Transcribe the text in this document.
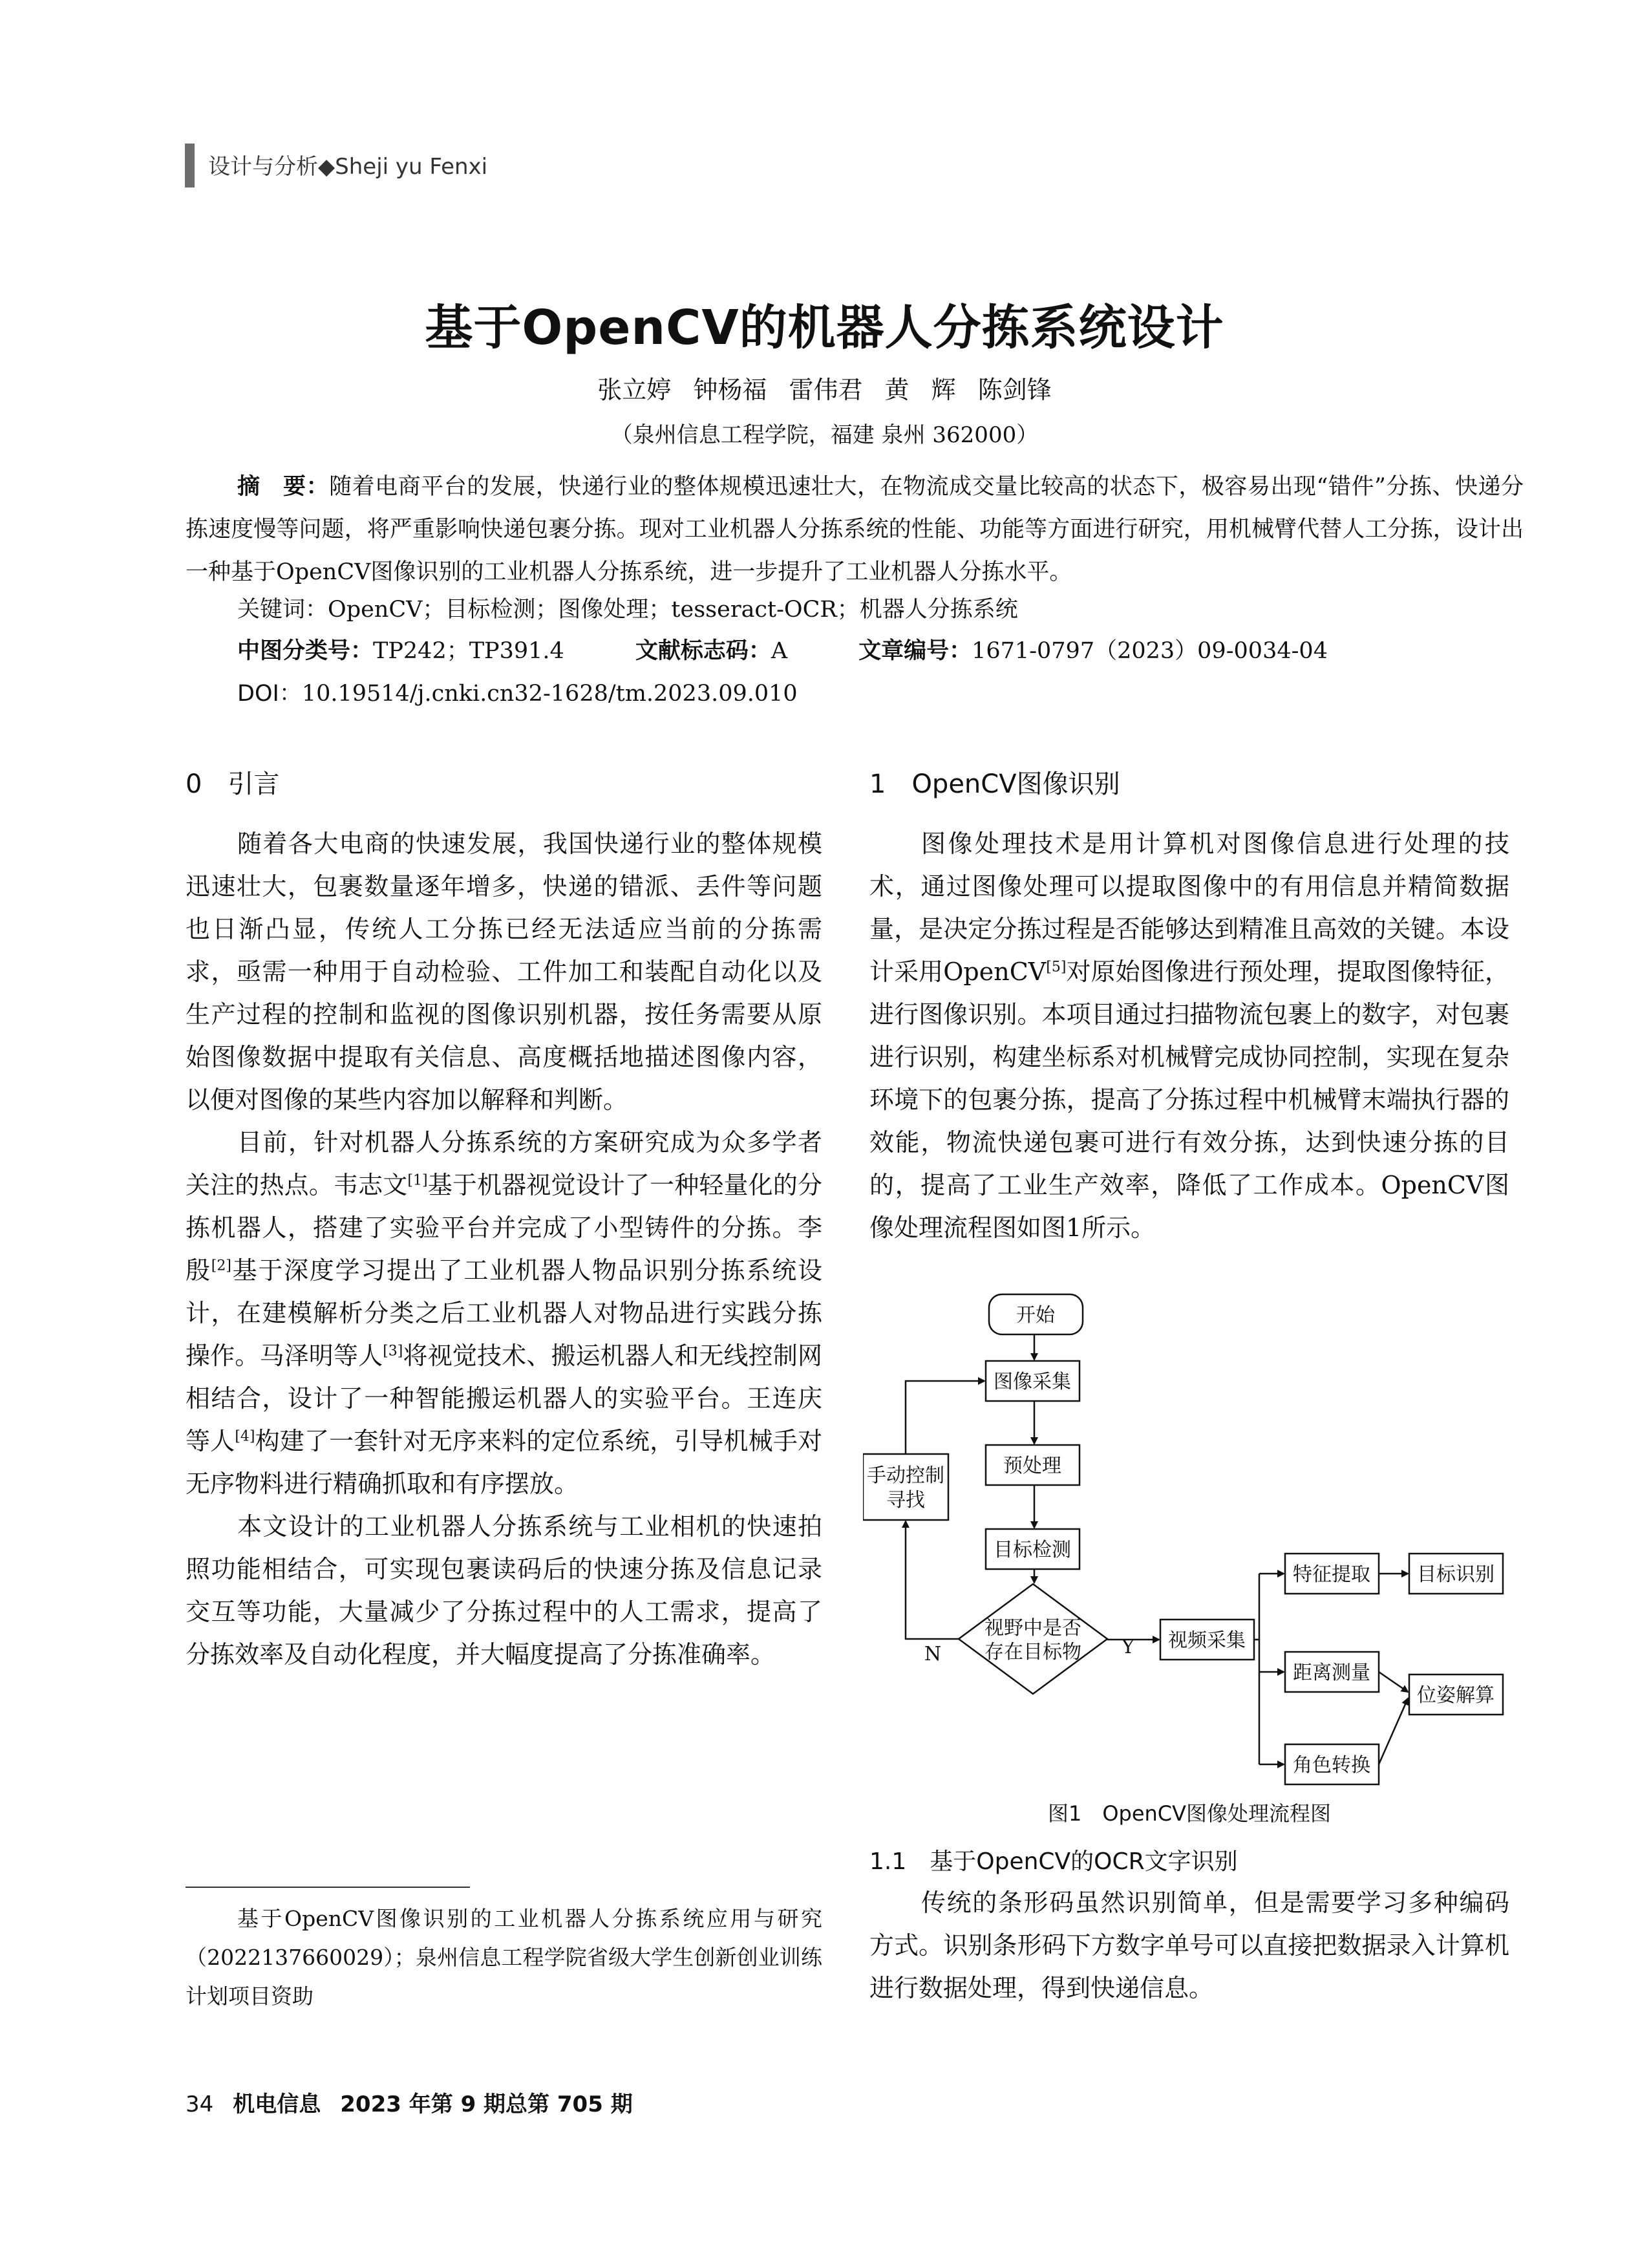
设计与分析◆Sheji yu Fenxi
基于OpenCV的机器人分拣系统设计
张立婷 钟杨福 雷伟君 黄 辉 陈剑锋
（泉州信息工程学院，福建 泉州 362000）
摘　要：随着电商平台的发展，快递行业的整体规模迅速壮大，在物流成交量比较高的状态下，极容易出现“错件”分拣、快递分拣速度慢等问题，将严重影响快递包裹分拣。现对工业机器人分拣系统的性能、功能等方面进行研究，用机械臂代替人工分拣，设计出一种基于OpenCV图像识别的工业机器人分拣系统，进一步提升了工业机器人分拣水平。
关键词：OpenCV；目标检测；图像处理；tesseract-OCR；机器人分拣系统
中图分类号：TP242；TP391.4	文献标志码：A	文章编号：1671-0797（2023）09-0034-04
DOI：10.19514/j.cnki.cn32-1628/tm.2023.09.010
0　引言

随着各大电商的快速发展，我国快递行业的整体规模迅速壮大，包裹数量逐年增多，快递的错派、丢件等问题也日渐凸显，传统人工分拣已经无法适应当前的分拣需求，亟需一种用于自动检验、工件加工和装配自动化以及生产过程的控制和监视的图像识别机器，按任务需要从原始图像数据中提取有关信息、高度概括地描述图像内容，以便对图像的某些内容加以解释和判断。

目前，针对机器人分拣系统的方案研究成为众多学者关注的热点。韦志文[1]基于机器视觉设计了一种轻量化的分拣机器人，搭建了实验平台并完成了小型铸件的分拣。李殷[2]基于深度学习提出了工业机器人物品识别分拣系统设计，在建模解析分类之后工业机器人对物品进行实践分拣操作。马泽明等人[3]将视觉技术、搬运机器人和无线控制网相结合，设计了一种智能搬运机器人的实验平台。王连庆等人[4]构建了一套针对无序来料的定位系统，引导机械手对无序物料进行精确抓取和有序摆放。

本文设计的工业机器人分拣系统与工业相机的快速拍照功能相结合，可实现包裹读码后的快速分拣及信息记录交互等功能，大量减少了分拣过程中的人工需求，提高了分拣效率及自动化程度，并大幅度提高了分拣准确率。

基于OpenCV图像识别的工业机器人分拣系统应用与研究（2022137660029）；泉州信息工程学院省级大学生创新创业训练计划项目资助
1　OpenCV图像识别

图像处理技术是用计算机对图像信息进行处理的技术，通过图像处理可以提取图像中的有用信息并精简数据量，是决定分拣过程是否能够达到精准且高效的关键。本设计采用OpenCV[5]对原始图像进行预处理，提取图像特征，进行图像识别。本项目通过扫描物流包裹上的数字，对包裹进行识别，构建坐标系对机械臂完成协同控制，实现在复杂环境下的包裹分拣，提高了分拣过程中机械臂末端执行器的效能，物流快递包裹可进行有效分拣，达到快速分拣的目的，提高了工业生产效率，降低了工作成本。OpenCV图像处理流程图如图1所示。

开始
图像采集
预处理
目标检测
视野中是否
存在目标物
手动控制
寻找
视频采集
特征提取 目标识别
距离测量
位姿解算
角色转换
N	Y
图1　OpenCV图像处理流程图
1.1　基于OpenCV的OCR文字识别

传统的条形码虽然识别简单，但是需要学习多种编码方式。识别条形码下方数字单号可以直接把数据录入计算机进行数据处理，得到快递信息。

34 机电信息 2023 年第 9 期总第 705 期
